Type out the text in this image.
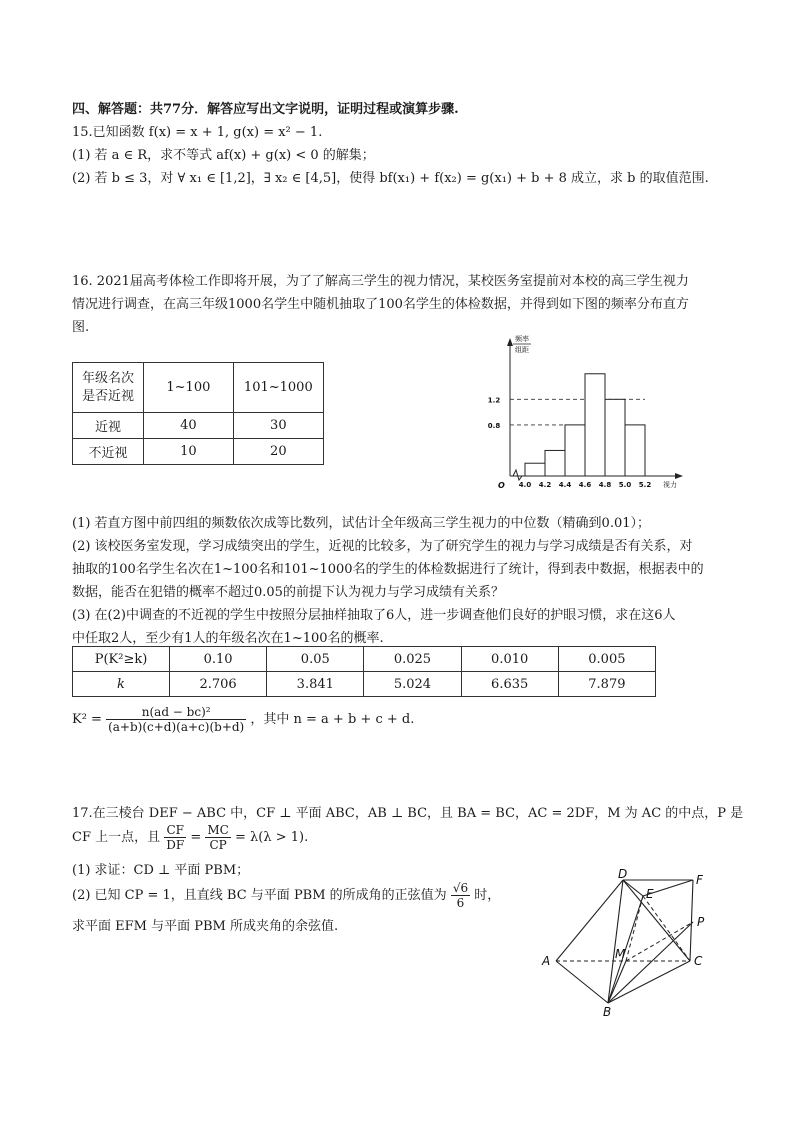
四、解答题：共77分．解答应写出文字说明，证明过程或演算步骤.
15.已知函数 f(x) = x + 1, g(x) = x² − 1.
(1) 若 a ∈ R，求不等式 af(x) + g(x) < 0 的解集；
(2) 若 b ≤ 3，对 ∀ x₁ ∈ [1,2]，∃ x₂ ∈ [4,5]，使得 bf(x₁) + f(x₂) = g(x₁) + b + 8 成立，求 b 的取值范围.
16. 2021届高考体检工作即将开展，为了了解高三学生的视力情况，某校医务室提前对本校的高三学生视力
情况进行调查，在高三年级1000名学生中随机抽取了100名学生的体检数据，并得到如下图的频率分布直方
图.
年级名次
是否近视	1~100	101~1000
近视	40	30
不近视	10	20
4.0 4.2 4.4 4.6 4.8 5.0 5.2 视力
0.8
1.2
O
频率
组距
(1) 若直方图中前四组的频数依次成等比数列，试估计全年级高三学生视力的中位数（精确到0.01）；
(2) 该校医务室发现，学习成绩突出的学生，近视的比较多，为了研究学生的视力与学习成绩是否有关系，对
抽取的100名学生名次在1~100名和101~1000名的学生的体检数据进行了统计，得到表中数据，根据表中的
数据，能否在犯错的概率不超过0.05的前提下认为视力与学习成绩有关系？
(3) 在(2)中调查的不近视的学生中按照分层抽样抽取了6人，进一步调查他们良好的护眼习惯，求在这6人
中任取2人，至少有1人的年级名次在1~100名的概率.
P(K²≥k)	0.10	0.05	0.025	0.010	0.005
k	2.706	3.841	5.024	6.635	7.879
$K^2 = \frac{\text{n(ad − bc)²}}{(a+b)(c+d)(a+c)(b+d)}$ ，其中 n = a + b + c + d.
17.在三棱台 DEF − ABC 中，CF ⊥ 平面 ABC，AB ⊥ BC，且 BA = BC，AC = 2DF，M 为 AC 的中点，P 是
CF 上一点，且 $\frac{CF}{DF} = \frac{MC}{CP} = \lambda(\lambda > 1)$.
(1) 求证：CD ⊥ 平面 PBM；
(2) 已知 CP = 1，且直线 BC 与平面 PBM 的所成角的正弦值为 $\frac{√6}{6}$ 时，
求平面 EFM 与平面 PBM 所成夹角的余弦值.
D
E
F
P
A	M	C
B
